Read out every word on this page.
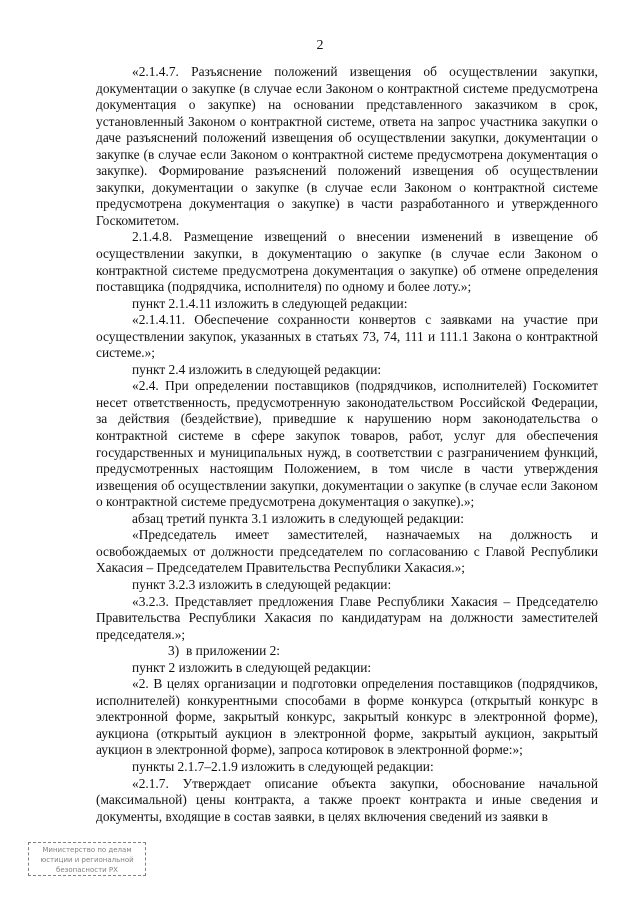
2

«2.1.4.7. Разъяснение положений извещения об осуществлении закупки, документации о закупке (в случае если Законом о контрактной системе предусмотрена документация о закупке) на основании представленного заказчиком в срок, установленный Законом о контрактной системе, ответа на запрос участника закупки о даче разъяснений положений извещения об осуществлении закупки, документации о закупке (в случае если Законом о контрактной системе предусмотрена документация о закупке). Формирование разъяснений положений извещения об осуществлении закупки, документации о закупке (в случае если Законом о контрактной системе предусмотрена документация о закупке) в части разработанного и утвержденного Госкомитетом.

2.1.4.8. Размещение извещений о внесении изменений в извещение об осуществлении закупки, в документацию о закупке (в случае если Законом о контрактной системе предусмотрена документация о закупке) об отмене определения поставщика (подрядчика, исполнителя) по одному и более лоту.»;

пункт 2.1.4.11 изложить в следующей редакции:

«2.1.4.11. Обеспечение сохранности конвертов с заявками на участие при осуществлении закупок, указанных в статьях 73, 74, 111 и 111.1 Закона о контрактной системе.»;

пункт 2.4 изложить в следующей редакции:

«2.4. При определении поставщиков (подрядчиков, исполнителей) Госкомитет несет ответственность, предусмотренную законодательством Российской Федерации, за действия (бездействие), приведшие к нарушению норм законодательства о контрактной системе в сфере закупок товаров, работ, услуг для обеспечения государственных и муниципальных нужд, в соответствии с разграничением функций, предусмотренных настоящим Положением, в том числе в части утверждения извещения об осуществлении закупки, документации о закупке (в случае если Законом о контрактной системе предусмотрена документация о закупке).»;

абзац третий пункта 3.1 изложить в следующей редакции:

«Председатель имеет заместителей, назначаемых на должность и освобождаемых от должности председателем по согласованию с Главой Республики Хакасия – Председателем Правительства Республики Хакасия.»;

пункт 3.2.3 изложить в следующей редакции:

«3.2.3. Представляет предложения Главе Республики Хакасия – Председателю Правительства Республики Хакасия по кандидатурам на должности заместителей председателя.»;

3) в приложении 2:

пункт 2 изложить в следующей редакции:

«2. В целях организации и подготовки определения поставщиков (подрядчиков, исполнителей) конкурентными способами в форме конкурса (открытый конкурс в электронной форме, закрытый конкурс, закрытый конкурс в электронной форме), аукциона (открытый аукцион в электронной форме, закрытый аукцион, закрытый аукцион в электронной форме), запроса котировок в электронной форме:»;

пункты 2.1.7–2.1.9 изложить в следующей редакции:

«2.1.7. Утверждает описание объекта закупки, обоснование начальной (максимальной) цены контракта, а также проект контракта и иные сведения и документы, входящие в состав заявки, в целях включения сведений из заявки в

Министерство по делам
юстиции и региональной
безопасности РХ
